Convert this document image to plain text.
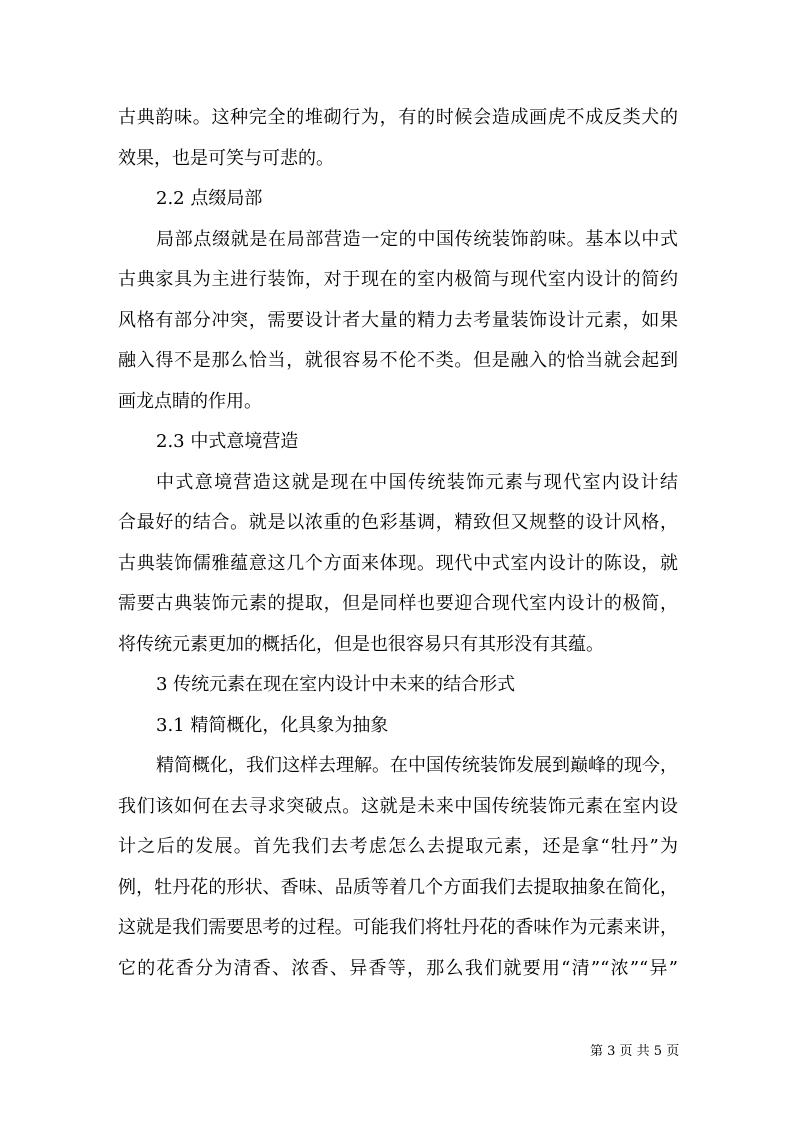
古典韵味。这种完全的堆砌行为，有的时候会造成画虎不成反类犬的

效果，也是可笑与可悲的。

2.2 点缀局部

局部点缀就是在局部营造一定的中国传统装饰韵味。基本以中式

古典家具为主进行装饰，对于现在的室内极简与现代室内设计的简约

风格有部分冲突，需要设计者大量的精力去考量装饰设计元素，如果

融入得不是那么恰当，就很容易不伦不类。但是融入的恰当就会起到

画龙点睛的作用。

2.3 中式意境营造

中式意境营造这就是现在中国传统装饰元素与现代室内设计结

合最好的结合。就是以浓重的色彩基调，精致但又规整的设计风格，

古典装饰儒雅蕴意这几个方面来体现。现代中式室内设计的陈设，就

需要古典装饰元素的提取，但是同样也要迎合现代室内设计的极简，

将传统元素更加的概括化，但是也很容易只有其形没有其蕴。

3 传统元素在现在室内设计中未来的结合形式

3.1 精简概化，化具象为抽象

精简概化，我们这样去理解。在中国传统装饰发展到巅峰的现今，

我们该如何在去寻求突破点。这就是未来中国传统装饰元素在室内设

计之后的发展。首先我们去考虑怎么去提取元素，还是拿“牡丹”为

例，牡丹花的形状、香味、品质等着几个方面我们去提取抽象在简化，

这就是我们需要思考的过程。可能我们将牡丹花的香味作为元素来讲，

它的花香分为清香、浓香、异香等，那么我们就要用“清”“浓”“异”

第 3 页 共 5 页
